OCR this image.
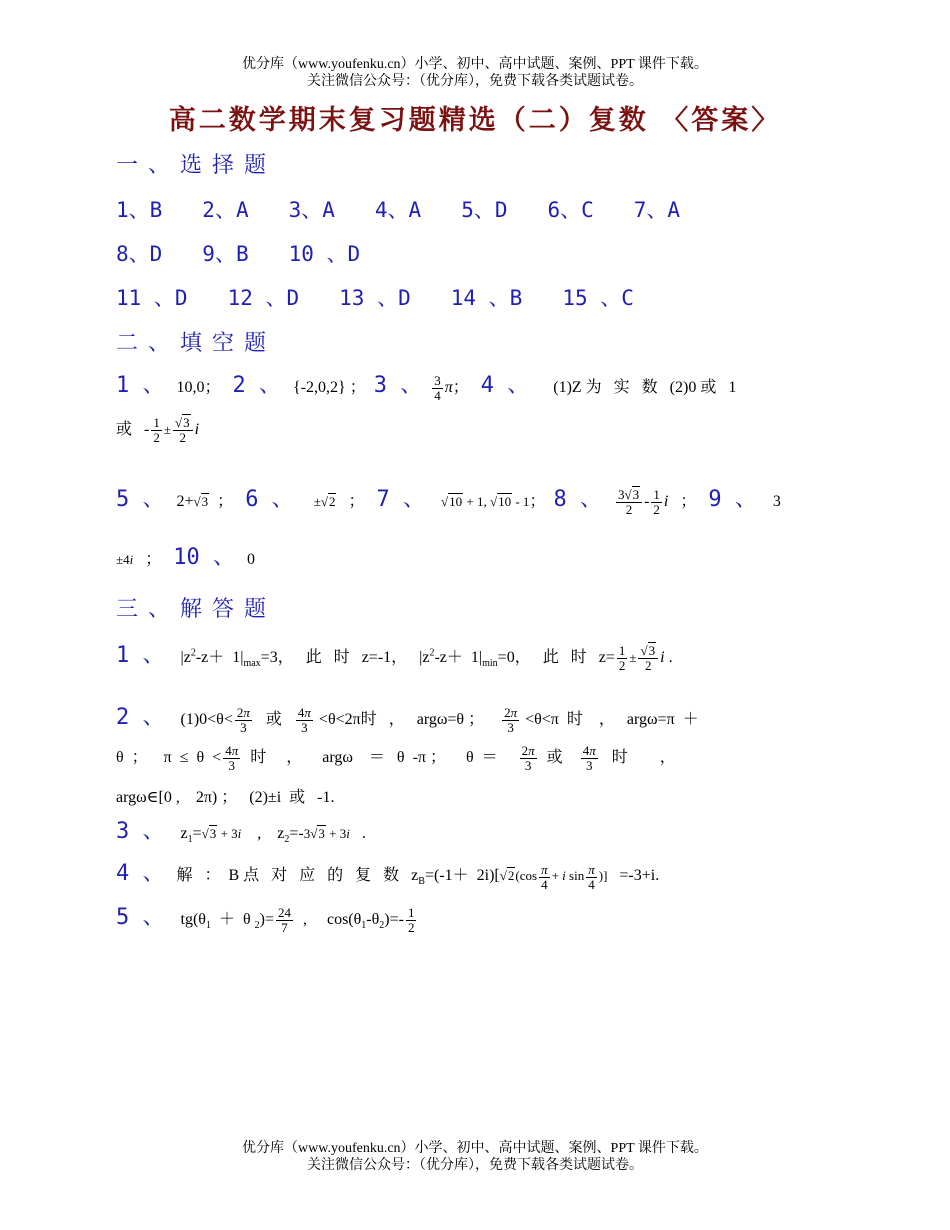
优分库（www.youfenku.cn）小学、初中、高中试题、案例、PPT 课件下载。
关注微信公众号：（优分库），免费下载各类试题试卷。
高二数学期末复习题精选（二）复数 〈答案〉
一、选择题
1、B 2、A 3、A 4、A 5、D 6、C 7、A
8、D 9、B 10 、D
11 、D 12 、D 13 、D 14 、B 15 、C
二、填空题
1 、   10,0；   2 、   {-2,0,2} ；  3 、 $\frac{3}{4}$ π；   4 、      (1)Z 为   实   数   (2)0 或   1
或   - $\frac{1}{2} \pm \frac{√3}{2}$ i
5 、   2+√3  ；   6 、 ±√2   ；   7 、 √10 + 1, √10 - 1；  8 、 $\frac{3√3}{2} - \frac{1}{2}$ i   ；   9 、    3
±4i   ；   10 、   0
三、解答题
1 、    $|z^2-z+ 1|_{max}=3$，   此   时   z=-1，   $|z^2-z+ 1|_{min}=0$，   此   时   $z= \frac{1}{2} \pm \frac{√3}{2}$ i .
2 、    $(1)0<\theta< \frac{2\pi}{3}$ 或 $\frac{4\pi}{3} <\theta<2\pi$时   ，   argω=θ ； $\frac{2\pi}{3} <\theta<\pi$  时    ，   argω=π  ＋
θ  ；    $\pi \le \theta < \frac{4\pi}{3}$ 时     ，     argω    ＝   θ  -π ；     $\theta = \frac{2\pi}{3}$ 或 $\frac{4\pi}{3}$ 时        ，
argω∈[0 ,    2π) ；   (2)±i  或   -1.
3 、    $z_1=√3 + 3i$    ,    $z_2=-3√3 + 3i$   .
4 、   解   ：  B 点   对   应   的   复   数   $z_B=(-1+ 2i)[√2(\cos \frac{\pi}{4} + i$ $\sin \frac{\pi}{4}$ )]   =-3+i.
5 、    $tg(\theta_1 + \theta$ $_2)= \frac{24}{7}$ ,     $\cos(\theta_1-\theta_2)=- \frac{1}{2}$
优分库（www.youfenku.cn）小学、初中、高中试题、案例、PPT 课件下载。
关注微信公众号：（优分库），免费下载各类试题试卷。
